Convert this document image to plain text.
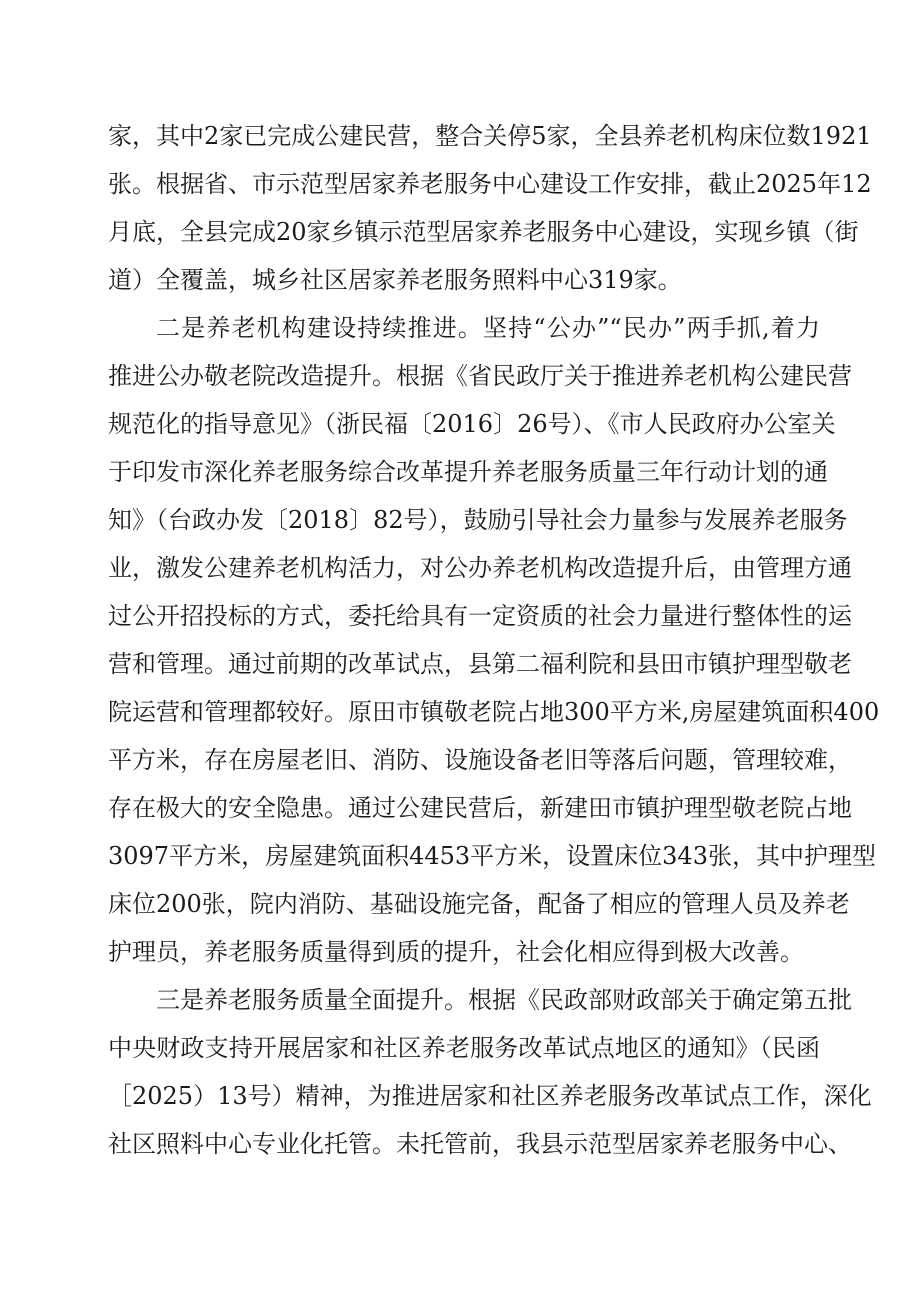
家，其中2家已完成公建民营，整合关停5家，全县养老机构床位数1921
张。根据省、市示范型居家养老服务中心建设工作安排，截止2025年12
月底，全县完成20家乡镇示范型居家养老服务中心建设，实现乡镇（街
道）全覆盖，城乡社区居家养老服务照料中心319家。
二是养老机构建设持续推进。坚持“公办”“民办”两手抓,着力
推进公办敬老院改造提升。根据《省民政厅关于推进养老机构公建民营
规范化的指导意见》（浙民福〔2016〕26号）、《市人民政府办公室关
于印发市深化养老服务综合改革提升养老服务质量三年行动计划的通
知》（台政办发〔2018〕82号），鼓励引导社会力量参与发展养老服务
业，激发公建养老机构活力，对公办养老机构改造提升后，由管理方通
过公开招投标的方式，委托给具有一定资质的社会力量进行整体性的运
营和管理。通过前期的改革试点，县第二福利院和县田市镇护理型敬老
院运营和管理都较好。原田市镇敬老院占地300平方米,房屋建筑面积400
平方米，存在房屋老旧、消防、设施设备老旧等落后问题，管理较难，
存在极大的安全隐患。通过公建民营后，新建田市镇护理型敬老院占地
3097平方米，房屋建筑面积4453平方米，设置床位343张，其中护理型
床位200张，院内消防、基础设施完备，配备了相应的管理人员及养老
护理员，养老服务质量得到质的提升，社会化相应得到极大改善。
三是养老服务质量全面提升。根据《民政部财政部关于确定第五批
中央财政支持开展居家和社区养老服务改革试点地区的通知》（民函
［2025）13号）精神，为推进居家和社区养老服务改革试点工作，深化
社区照料中心专业化托管。未托管前，我县示范型居家养老服务中心、
